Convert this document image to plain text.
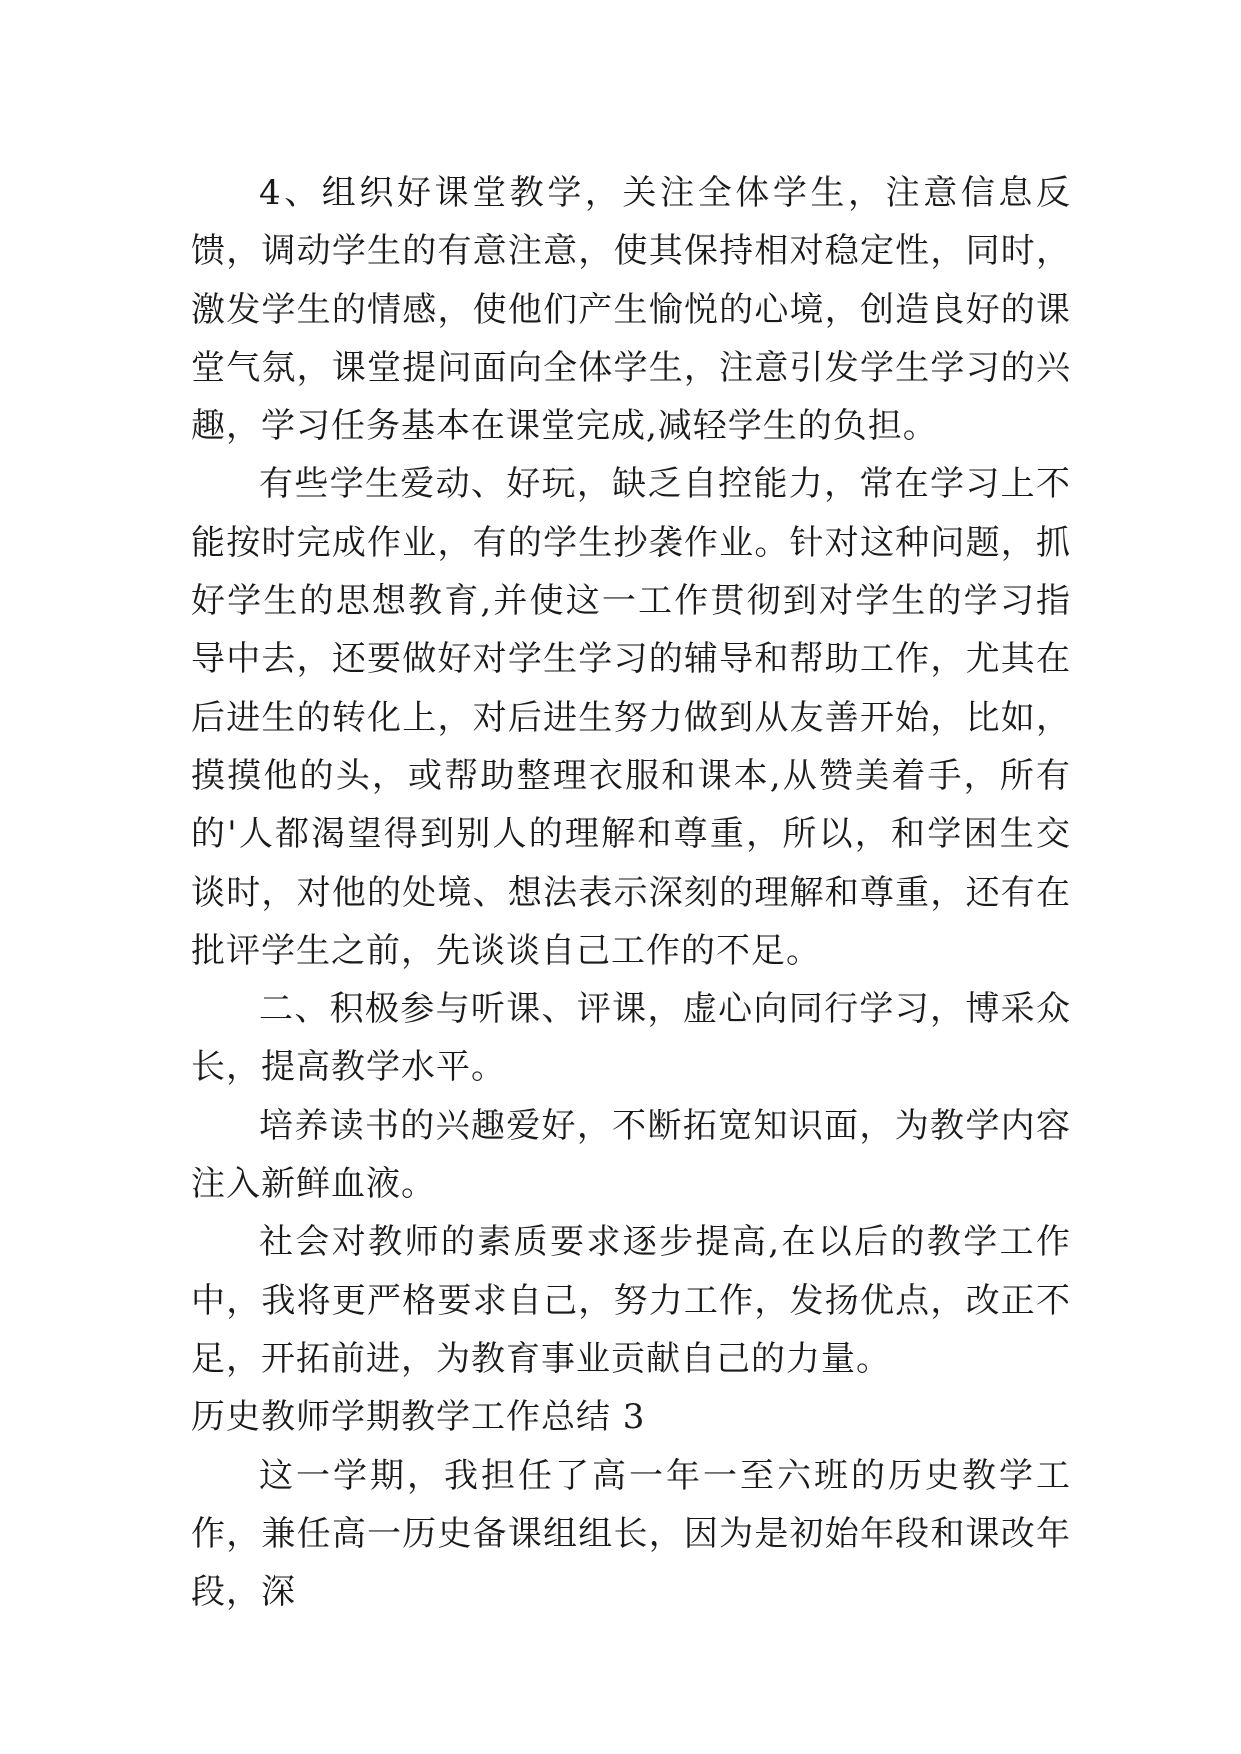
4、组织好课堂教学，关注全体学生，注意信息反馈，调动学生的有意注意，使其保持相对稳定性，同时，激发学生的情感，使他们产生愉悦的心境，创造良好的课堂气氛，课堂提问面向全体学生，注意引发学生学习的兴趣，学习任务基本在课堂完成,减轻学生的负担。

有些学生爱动、好玩，缺乏自控能力，常在学习上不能按时完成作业，有的学生抄袭作业。针对这种问题，抓好学生的思想教育,并使这一工作贯彻到对学生的学习指导中去，还要做好对学生学习的辅导和帮助工作，尤其在后进生的转化上，对后进生努力做到从友善开始，比如，摸摸他的头，或帮助整理衣服和课本,从赞美着手，所有的'人都渴望得到别人的理解和尊重，所以，和学困生交谈时，对他的处境、想法表示深刻的理解和尊重，还有在批评学生之前，先谈谈自己工作的不足。

二、积极参与听课、评课，虚心向同行学习，博采众长，提高教学水平。

培养读书的兴趣爱好，不断拓宽知识面，为教学内容注入新鲜血液。

社会对教师的素质要求逐步提高,在以后的教学工作中，我将更严格要求自己，努力工作，发扬优点，改正不足，开拓前进，为教育事业贡献自己的力量。

历史教师学期教学工作总结 3

这一学期，我担任了高一年一至六班的历史教学工作，兼任高一历史备课组组长，因为是初始年段和课改年段，深
